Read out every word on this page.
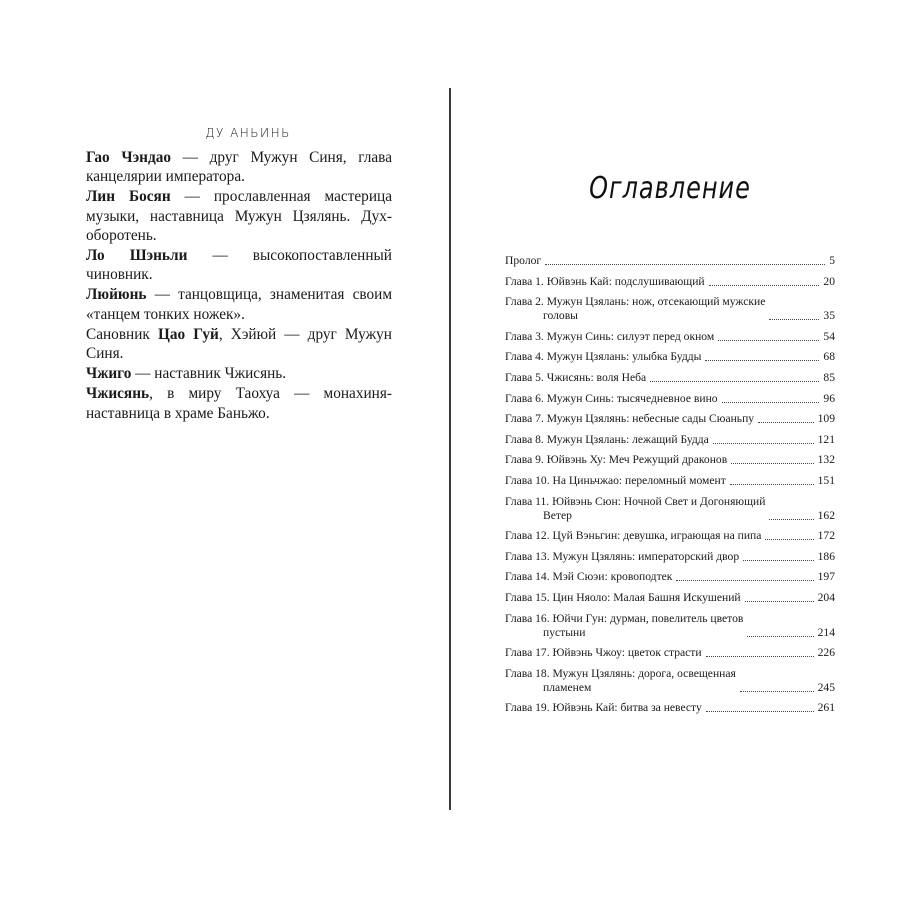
ДУ АНЬИНЬ

Гао Чэндао — друг Мужун Синя, глава канцелярии императора.

Лин Босян — прославленная мастерица музыки, наставница Мужун Цзялянь. Дух-оборотень.

Ло Шэньли — высокопоставленный чиновник.

Люйюнь — танцовщица, знаменитая своим «танцем тонких ножек».

Сановник Цао Гуй, Хэйюй — друг Мужун Синя.

Чжиго — наставник Чжисянь.

Чжисянь, в миру Таохуа — монахиня-наставница в храме Баньжо.

Оглавление
Пролог	5
Глава 1. Юйвэнь Кай: подслушивающий	20
Глава 2. Мужун Цзялань: нож, отсекающий мужские
головы	35
Глава 3. Мужун Синь: силуэт перед окном	54
Глава 4. Мужун Цзялань: улыбка Будды	68
Глава 5. Чжисянь: воля Неба	85
Глава 6. Мужун Синь: тысячедневное вино	96
Глава 7. Мужун Цзялянь: небесные сады Сюаньпу	109
Глава 8. Мужун Цзялань: лежащий Будда	121
Глава 9. Юйвэнь Ху: Меч Режущий драконов	132
Глава 10. На Циньчжао: переломный момент	151
Глава 11. Юйвэнь Сюн: Ночной Свет и Догоняющий
Ветер	162
Глава 12. Цуй Вэньгин: девушка, играющая на пипа	172
Глава 13. Мужун Цзялянь: императорский двор	186
Глава 14. Мэй Сюэи: кровоподтек	197
Глава 15. Цин Няоло: Малая Башня Искушений	204
Глава 16. Юйчи Гун: дурман, повелитель цветов
пустыни	214
Глава 17. Юйвэнь Чжоу: цветок страсти	226
Глава 18. Мужун Цзялянь: дорога, освещенная
пламенем	245
Глава 19. Юйвэнь Кай: битва за невесту	261
